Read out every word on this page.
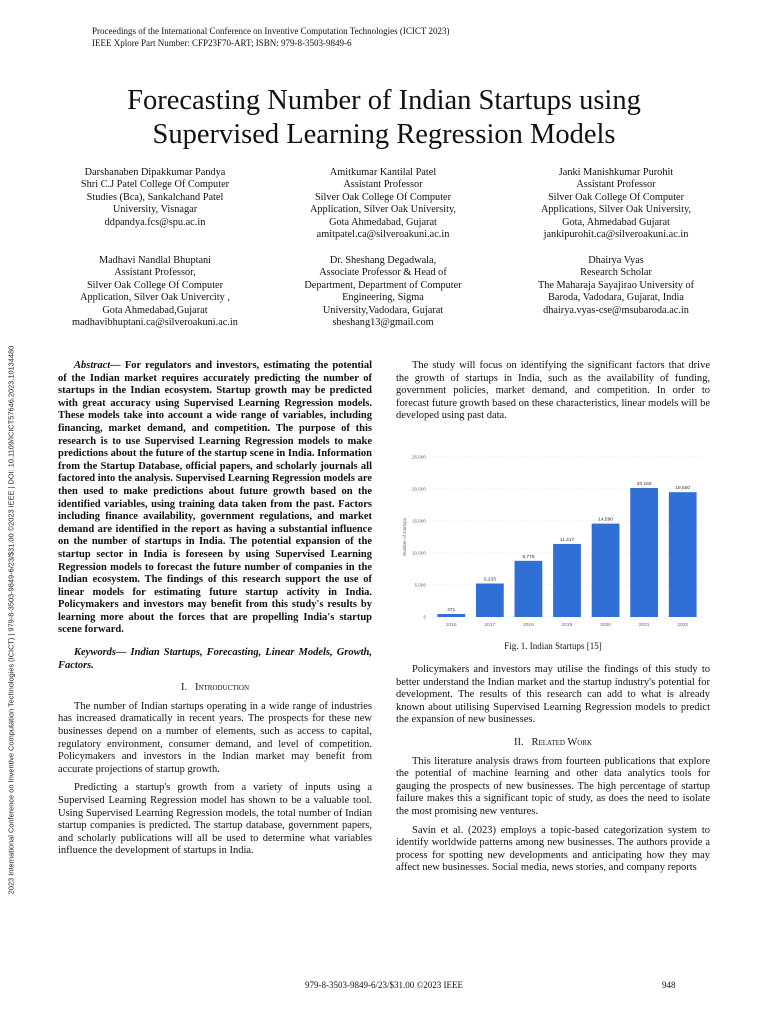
2023 International Conference on Inventive Computation Technologies (ICICT) | 979-8-3503-9849-6/23/$31.00 ©2023 IEEE | DOI: 10.1109/ICICT57646.2023.10134480
Proceedings of the International Conference on Inventive Computation Technologies (ICICT 2023)
IEEE Xplore Part Number: CFP23F70-ART; ISBN: 979-8-3503-9849-6
Forecasting Number of Indian Startups using
Supervised Learning Regression Models
Darshanaben Dipakkumar Pandya
Shri C.J Patel College Of Computer
Studies (Bca), Sankalchand Patel
University, Visnagar
ddpandya.fcs@spu.ac.in
Amitkumar Kantilal Patel
Assistant Professor
Silver Oak College Of Computer
Application, Silver Oak University,
Gota Ahmedabad, Gujarat
amitpatel.ca@silveroakuni.ac.in
Janki Manishkumar Purohit
Assistant Professor
Silver Oak College Of Computer
Applications, Silver Oak University,
Gota, Ahmedabad Gujarat
jankipurohit.ca@silveroakuni.ac.in
Madhavi Nandlal Bhuptani
Assistant Professor,
Silver Oak College Of Computer
Application, Silver Oak Univercity ,
Gota Ahmedabad,Gujarat
madhavibhuptani.ca@silveroakuni.ac.in
Dr. Sheshang Degadwala,
Associate Professor & Head of
Department, Department of Computer
Engineering, Sigma
University,Vadodara, Gujarat
sheshang13@gmail.com
Dhairya Vyas
Research Scholar
The Maharaja Sayajirao University of
Baroda, Vadodara, Gujarat, India
dhairya.vyas-cse@msubaroda.ac.in

Abstract— For regulators and investors, estimating the potential of the Indian market requires accurately predicting the number of startups in the Indian ecosystem. Startup growth may be predicted with great accuracy using Supervised Learning Regression models. These models take into account a wide range of variables, including financing, market demand, and competition. The purpose of this research is to use Supervised Learning Regression models to make predictions about the future of the startup scene in India. Information from the Startup Database, official papers, and scholarly journals all factored into the analysis. Supervised Learning Regression models are then used to make predictions about future growth based on the identified variables, using training data taken from the past. Factors including finance availability, government regulations, and market demand are identified in the report as having a substantial influence on the number of startups in India. The potential expansion of the startup sector in India is foreseen by using Supervised Learning Regression models to forecast the future number of companies in the Indian ecosystem. The findings of this research support the use of linear models for estimating future startup activity in India. Policymakers and investors may benefit from this study's results by learning more about the forces that are propelling India's startup scene forward.

Keywords— Indian Startups, Forecasting, Linear Models, Growth, Factors.

I. Introduction

The number of Indian startups operating in a wide range of industries has increased dramatically in recent years. The prospects for these new businesses depend on a number of elements, such as access to capital, regulatory environment, consumer demand, and level of competition. Policymakers and investors in the Indian market may benefit from accurate projections of startup growth.

Predicting a startup's growth from a variety of inputs using a Supervised Learning Regression model has shown to be a valuable tool. Using Supervised Learning Regression models, the total number of Indian startup companies is predicted. The startup database, government papers, and scholarly publications will all be used to determine what variables influence the development of startups in India.

The study will focus on identifying the significant factors that drive the growth of startups in India, such as the availability of funding, government policies, market demand, and competition. In order to forecast future growth based on these characteristics, linear models will be developed using past data.

471
5,233
8,775
11,417
14,590
20,160
19,500
0
5,000
10,000
15,000
20,000
25,000
2016	2017	2018	2019	2020	2021	2022
Number of startups
Fig. 1. Indian Startups [15]

Policymakers and investors may utilise the findings of this study to better understand the Indian market and the startup industry's potential for development. The results of this research can add to what is already known about utilising Supervised Learning Regression models to predict the expansion of new businesses.

II. Related Work

This literature analysis draws from fourteen publications that explore the potential of machine learning and other data analytics tools for gauging the prospects of new businesses. The high percentage of startup failure makes this a significant topic of study, as does the need to isolate the most promising new ventures.

Savin et al. (2023) employs a topic-based categorization system to identify worldwide patterns among new businesses. The authors provide a process for spotting new developments and anticipating how they may affect new businesses. Social media, news stories, and company reports

979-8-3503-9849-6/23/$31.00 ©2023 IEEE	948
